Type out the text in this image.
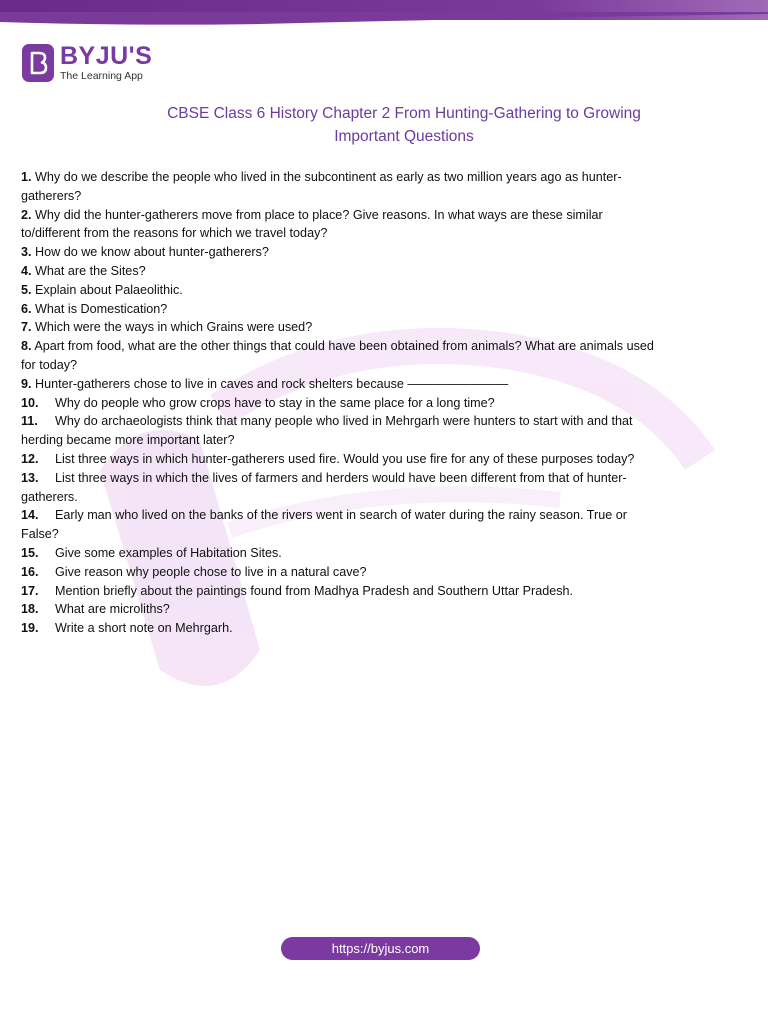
BYJU'S
The Learning App
CBSE Class 6 History Chapter 2 From Hunting-Gathering to Growing
Important Questions

1. Why do we describe the people who lived in the subcontinent as early as two million years ago as hunter-gatherers?

2. Why did the hunter-gatherers move from place to place? Give reasons. In what ways are these similar to/different from the reasons for which we travel today?

3. How do we know about hunter-gatherers?

4. What are the Sites?

5. Explain about Palaeolithic.

6. What is Domestication?

7. Which were the ways in which Grains were used?

8. Apart from food, what are the other things that could have been obtained from animals? What are animals used for today?

9. Hunter-gatherers chose to live in caves and rock shelters because ————————

10. Why do people who grow crops have to stay in the same place for a long time?

11. Why do archaeologists think that many people who lived in Mehrgarh were hunters to start with and that herding became more important later?

12. List three ways in which hunter-gatherers used fire. Would you use fire for any of these purposes today?

13. List three ways in which the lives of farmers and herders would have been different from that of hunter-gatherers.

14. Early man who lived on the banks of the rivers went in search of water during the rainy season. True or False?

15. Give some examples of Habitation Sites.

16. Give reason why people chose to live in a natural cave?

17. Mention briefly about the paintings found from Madhya Pradesh and Southern Uttar Pradesh.

18. What are microliths?

19. Write a short note on Mehrgarh.

https://byjus.com
